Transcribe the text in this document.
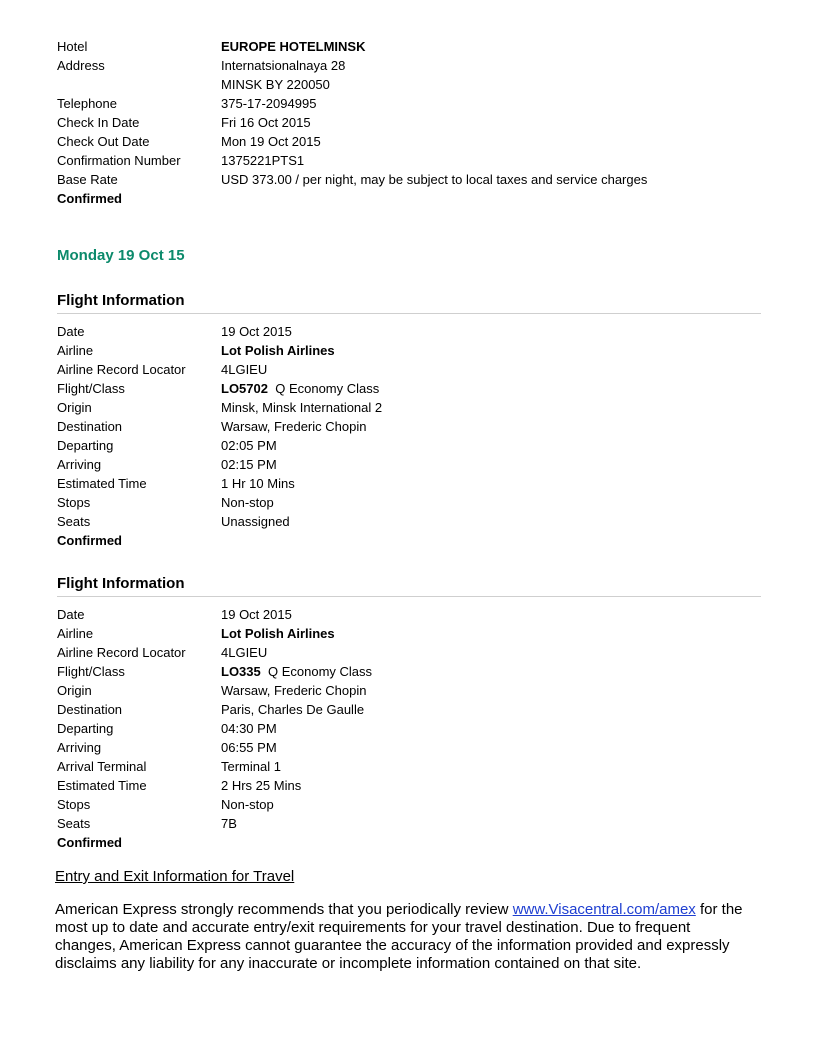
Hotel	EUROPE HOTELMINSK
Address	Internatsionalnaya 28
MINSK BY 220050
Telephone	375-17-2094995
Check In Date	Fri 16 Oct 2015
Check Out Date	Mon 19 Oct 2015
Confirmation Number	1375221PTS1
Base Rate	USD 373.00 / per night, may be subject to local taxes and service charges
Confirmed
Monday 19 Oct 15
Flight Information
Date	19 Oct 2015
Airline	Lot Polish Airlines
Airline Record Locator	4LGIEU
Flight/Class	LO5702 Q Economy Class
Origin	Minsk, Minsk International 2
Destination	Warsaw, Frederic Chopin
Departing	02:05 PM
Arriving	02:15 PM
Estimated Time	1 Hr 10 Mins
Stops	Non-stop
Seats	Unassigned
Confirmed
Flight Information
Date	19 Oct 2015
Airline	Lot Polish Airlines
Airline Record Locator	4LGIEU
Flight/Class	LO335 Q Economy Class
Origin	Warsaw, Frederic Chopin
Destination	Paris, Charles De Gaulle
Departing	04:30 PM
Arriving	06:55 PM
Arrival Terminal	Terminal 1
Estimated Time	2 Hrs 25 Mins
Stops	Non-stop
Seats	7B
Confirmed
Entry and Exit Information for Travel
American Express strongly recommends that you periodically review www.Visacentral.com/amex for the most up to date and accurate entry/exit requirements for your travel destination. Due to frequent changes, American Express cannot guarantee the accuracy of the information provided and expressly disclaims any liability for any inaccurate or incomplete information contained on that site.
